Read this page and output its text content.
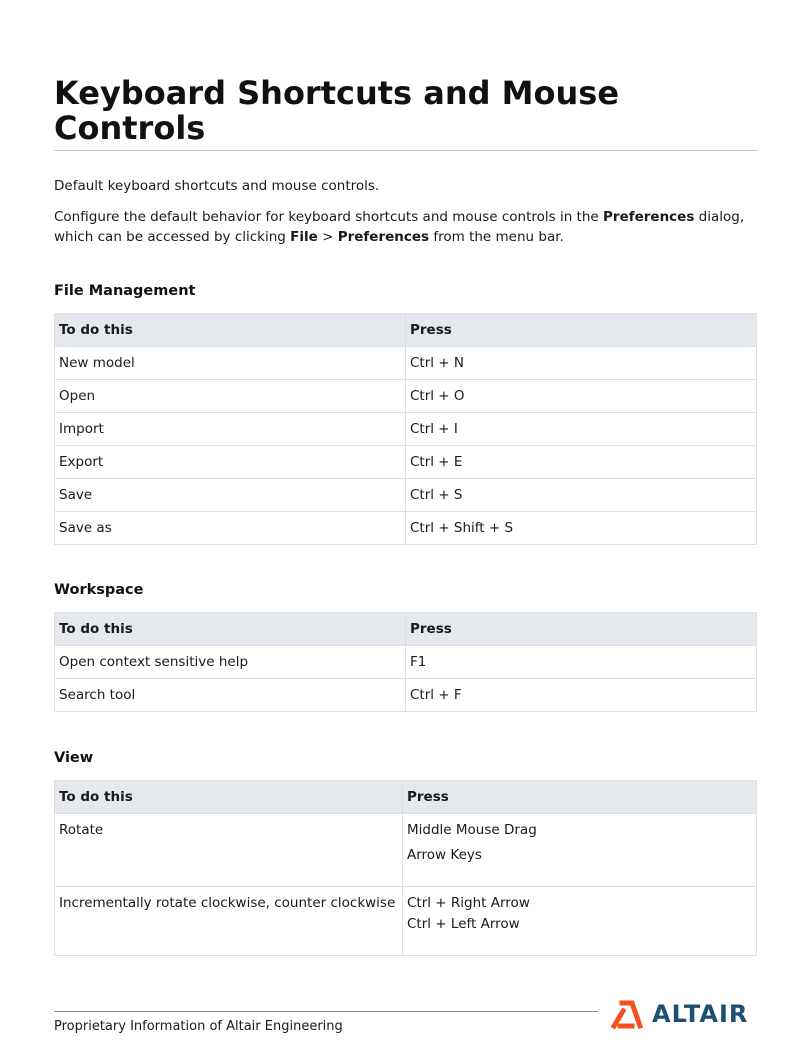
Keyboard Shortcuts and Mouse Controls

Default keyboard shortcuts and mouse controls.

Configure the default behavior for keyboard shortcuts and mouse controls in the Preferences dialog, which can be accessed by clicking File > Preferences from the menu bar.

File Management
To do this	Press
New model	Ctrl + N
Open	Ctrl + O
Import	Ctrl + I
Export	Ctrl + E
Save	Ctrl + S
Save as	Ctrl + Shift + S
Workspace
To do this	Press
Open context sensitive help	F1
Search tool	Ctrl + F
View
To do this	Press
Rotate	Middle Mouse Drag
Arrow Keys

Incrementally rotate clockwise, counter clockwise	Ctrl + Right Arrow
Ctrl + Left Arrow
Proprietary Information of Altair Engineering	ALTAIR
